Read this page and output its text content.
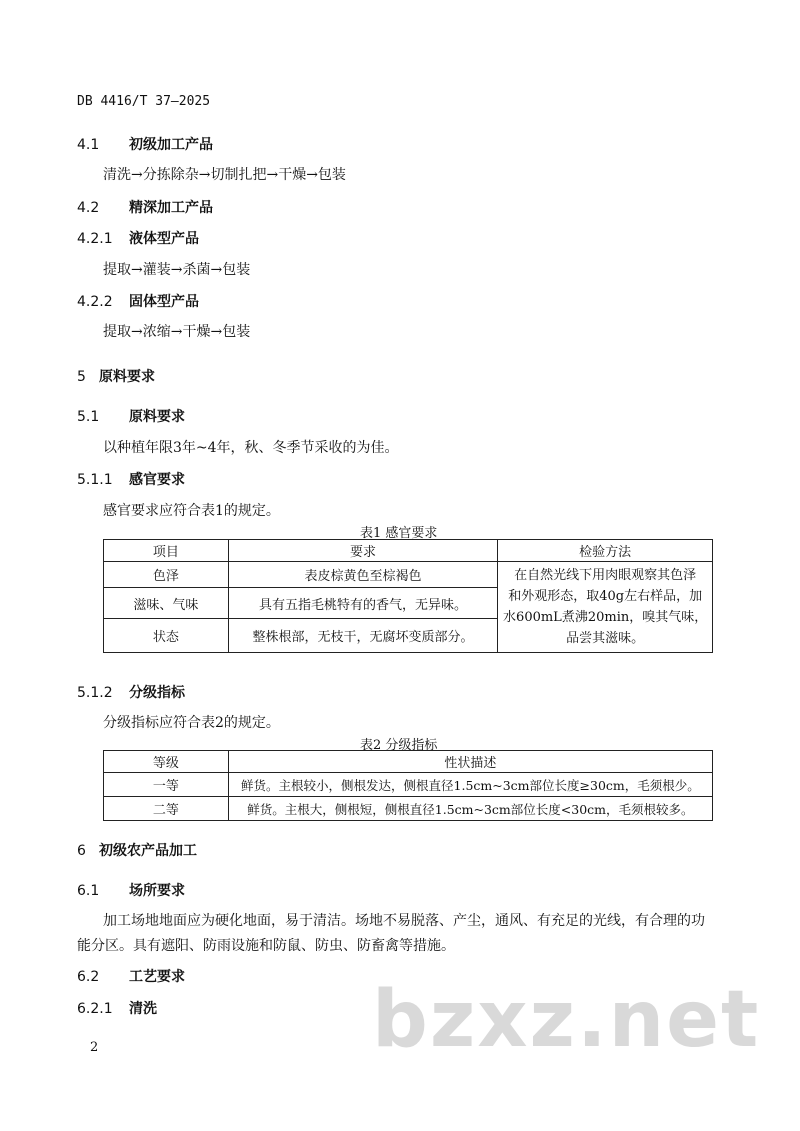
DB 4416/T 37—2025
4.1 初级加工产品
清洗→分拣除杂→切制扎把→干燥→包装
4.2 精深加工产品
4.2.1 液体型产品
提取→灌装→杀菌→包装
4.2.2 固体型产品
提取→浓缩→干燥→包装
5 原料要求
5.1 原料要求
以种植年限3年~4年，秋、冬季节采收的为佳。
5.1.1 感官要求
感官要求应符合表1的规定。
表1 感官要求
项目	要求	检验方法
色泽	表皮棕黄色至棕褐色	在自然光线下用肉眼观察其色泽
和外观形态，取40g左右样品，加
水600mL煮沸20min，嗅其气味，
品尝其滋味。

滋味、气味	具有五指毛桃特有的香气，无异味。	
状态	整株根部，无枝干，无腐坏变质部分。	
5.1.2 分级指标
分级指标应符合表2的规定。
表2 分级指标
等级	性状描述
一等	鲜货。主根较小，侧根发达，侧根直径1.5cm~3cm部位长度≥30cm，毛须根少。
二等	鲜货。主根大，侧根短，侧根直径1.5cm~3cm部位长度<30cm，毛须根较多。
6 初级农产品加工
6.1 场所要求
加工场地地面应为硬化地面，易于清洁。场地不易脱落、产尘，通风、有充足的光线，有合理的功
能分区。具有遮阳、防雨设施和防鼠、防虫、防畜禽等措施。
6.2 工艺要求
6.2.1 清洗	bzxz.net
2
